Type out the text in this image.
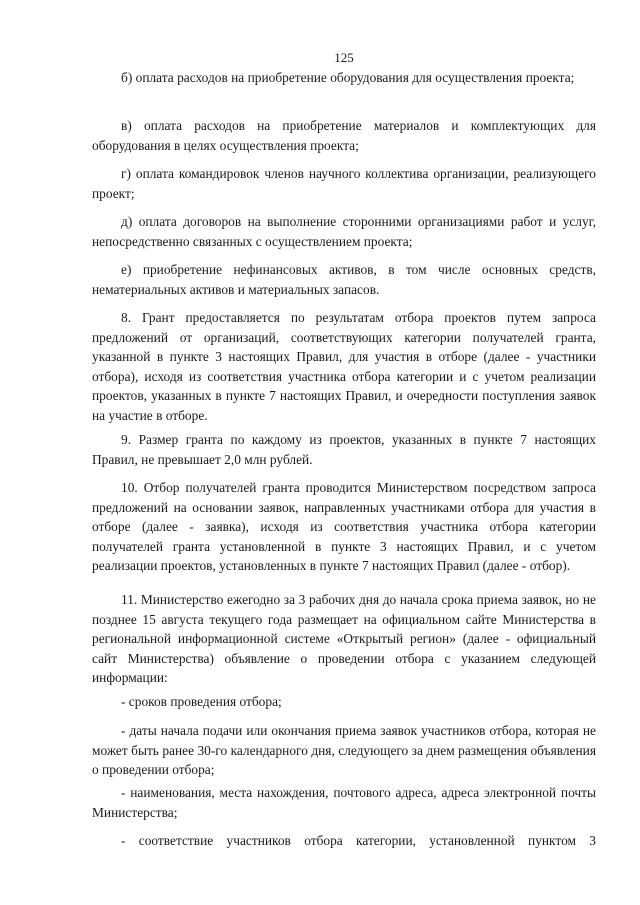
125

б) оплата расходов на приобретение оборудования для осуществления проекта;

в) оплата расходов на приобретение материалов и комплектующих для оборудования в целях осуществления проекта;

г) оплата командировок членов научного коллектива организации, реализующего проект;

д) оплата договоров на выполнение сторонними организациями работ и услуг, непосредственно связанных с осуществлением проекта;

е) приобретение нефинансовых активов, в том числе основных средств, нематериальных активов и материальных запасов.

8. Грант предоставляется по результатам отбора проектов путем запроса предложений от организаций, соответствующих категории получателей гранта, указанной в пункте 3 настоящих Правил, для участия в отборе (далее - участники отбора), исходя из соответствия участника отбора категории и с учетом реализации проектов, указанных в пункте 7 настоящих Правил, и очередности поступления заявок на участие в отборе.

9. Размер гранта по каждому из проектов, указанных в пункте 7 настоящих Правил, не превышает 2,0 млн рублей.

10. Отбор получателей гранта проводится Министерством посредством запроса предложений на основании заявок, направленных участниками отбора для участия в отборе (далее - заявка), исходя из соответствия участника отбора категории получателей гранта установленной в пункте 3 настоящих Правил, и с учетом реализации проектов, установленных в пункте 7 настоящих Правил (далее - отбор).

11. Министерство ежегодно за 3 рабочих дня до начала срока приема заявок, но не позднее 15 августа текущего года размещает на официальном сайте Министерства в региональной информационной системе «Открытый регион» (далее - официальный сайт Министерства) объявление о проведении отбора с указанием следующей информации:

- сроков проведения отбора;

- даты начала подачи или окончания приема заявок участников отбора, которая не может быть ранее 30-го календарного дня, следующего за днем размещения объявления о проведении отбора;

- наименования, места нахождения, почтового адреса, адреса электронной почты Министерства;

- соответствие участников отбора категории, установленной пунктом 3
